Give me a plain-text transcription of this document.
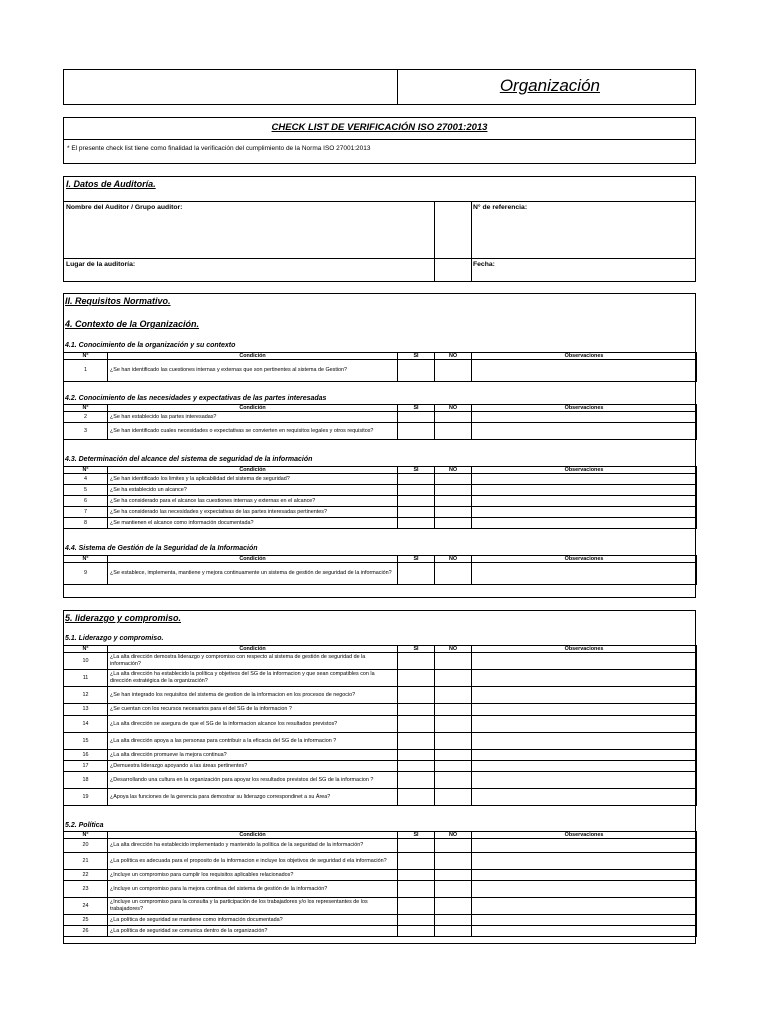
Organización
CHECK LIST DE VERIFICACIÓN ISO 27001:2013
* El presente check list tiene como finalidad la verificación del cumplimiento de la Norma ISO 27001:2013
I. Datos de Auditoría.
Nombre del Auditor / Grupo auditor:	N° de referencia:
Lugar de la auditoría:	Fecha:
II. Requisitos Normativo.
4. Contexto de la Organización.
4.1. Conocimiento de la organización y su contexto
N°	Condición	SI	NO	Observaciones
1	¿Se han identificado las cuestiones internas y externas que son pertinentes al sistema de Gestion?			
4.2. Conocimiento de las necesidades y expectativas de las partes interesadas
N°	Condición	SI	NO	Observaciones
2	¿Se han establecido las partes interesadas?			
3	¿Se han identificado cuales necesidades o expectativas se convierten en requisitos legales y otros requisitos?			
4.3. Determinación del alcance del sistema de seguridad de la información
N°	Condición	SI	NO	Observaciones
4	¿Se han identificado los limites y la aplicabilidad del sistema de seguridad?			
5	¿Se ha establecido un alcance?			
6	¿Se ha considerado para el alcance las cuestiones internas y externas en el alcance?			
7	¿Se ha considerado las necesidades y expectativas de las partes interesadas pertinentes?			
8	¿Se mantienen el alcance como información documentada?			
4.4. Sistema de Gestión de la Seguridad de la Información
N°	Condición	SI	NO	Observaciones
9	¿Se establece, implementa, mantiene y mejora continuamente un sistema de gestión de seguridad de la información?			
5. liderazgo y compromiso.
5.1. Liderazgo y compromiso.
N°	Condición	SI	NO	Observaciones
10	¿La alta dirección demostra liderazgo y compromiso con respecto al sistema de gestión de seguridad de la información?			
11	¿La alta dirección ha establecido la política y objetivos del SG de la informacion y que sean compatibles con la dirección estratégica de la organización?			
12	¿Se han integrado los requisitos del sistema de gestion de la informacion en los procesos de negocio?			
13	¿Se cuentan con los recursos necesarios para el del SG de la informacion ?			
14	¿La alta dirección se asegura de que el SG de la informacion alcance los resultados previstos?			
15	¿La alta dirección apoya a las personas para contribuir a la eficacia del SG de la informacion ?			
16	¿La alta dirección promueve la mejora continua?			
17	¿Demuestra liderazgo apoyando a las áreas pertinentes?			
18	¿Desarrollando una cultura en la organización para apoyar los resultados previstos del SG de la informacion ?			
19	¿Apoya las funciones de la gerencia para demostrar su liderazgo correspondinet a su Área?			
5.2. Política
N°	Condición	SI	NO	Observaciones
20	¿La alta dirección ha establecido implementado y mantenido la política de la seguridad de la información?			
21	¿La política es adecuada para el proposito de la informacion e incluye los objetivos de seguridad d ela información?			
22	¿Incluye un compromiso para cumplir los requisitos aplicables relacionados?			
23	¿Incluye un compromiso para la mejora continua del sistema de gestión de la información?			
24	¿Incluye un compromiso para la consulta y la participación de los trabajadores y/o los representantes de los trabajadores?			
25	¿La política de seguridad se mantiene como información documentada?			
26	¿La política de seguridad se comunica dentro de la organización?			
